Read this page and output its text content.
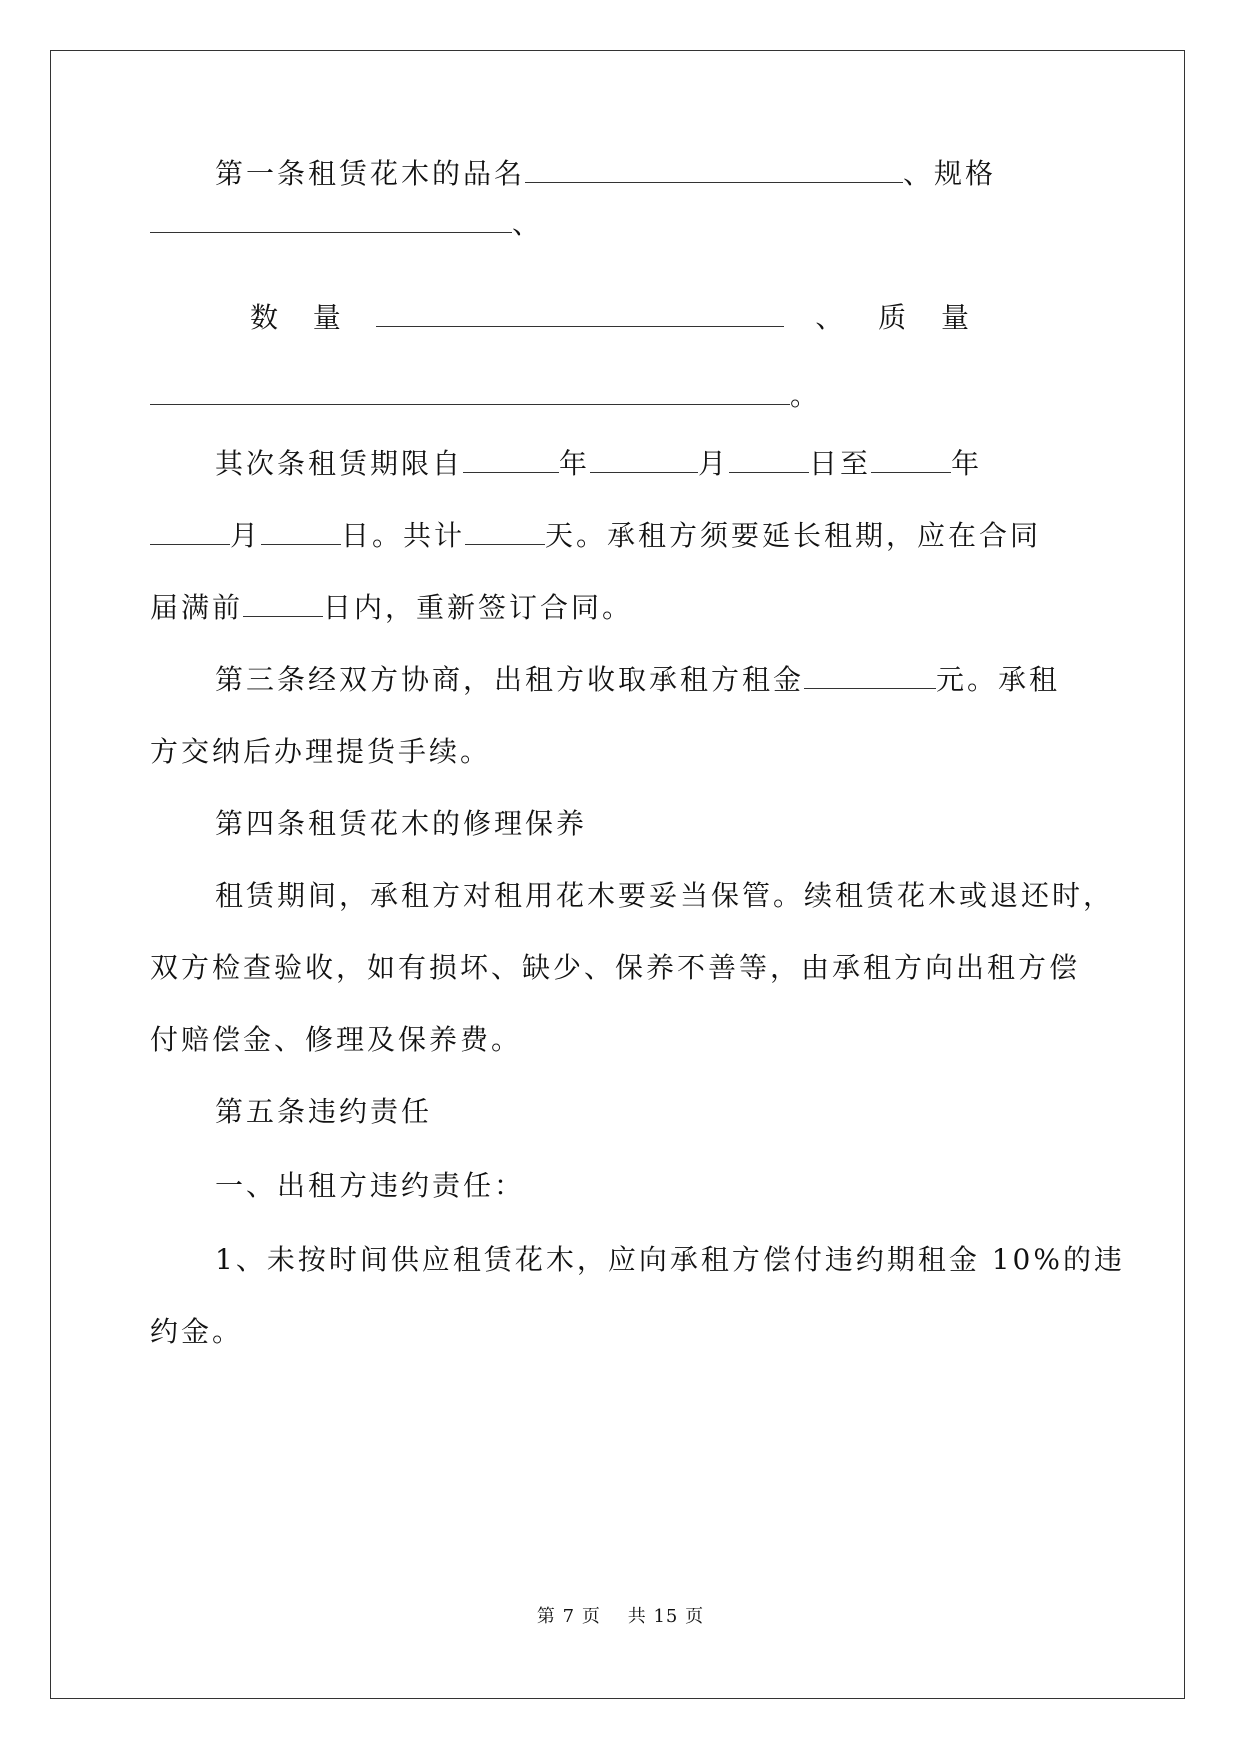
第一条租赁花木的品名	、规格
、
数 量	、 质 量
。
其次条租赁期限自	年	月	日至	年
月	日。共计	天。承租方须要延长租期，应在合同
届满前	日内，重新签订合同。
第三条经双方协商，出租方收取承租方租金	元。承租
方交纳后办理提货手续。
第四条租赁花木的修理保养
租赁期间，承租方对租用花木要妥当保管。续租赁花木或退还时，
双方检查验收，如有损坏、缺少、保养不善等，由承租方向出租方偿
付赔偿金、修理及保养费。
第五条违约责任
一、出租方违约责任：
1、未按时间供应租赁花木，应向承租方偿付违约期租金 10%的违
约金。
第 7 页 共 15 页
